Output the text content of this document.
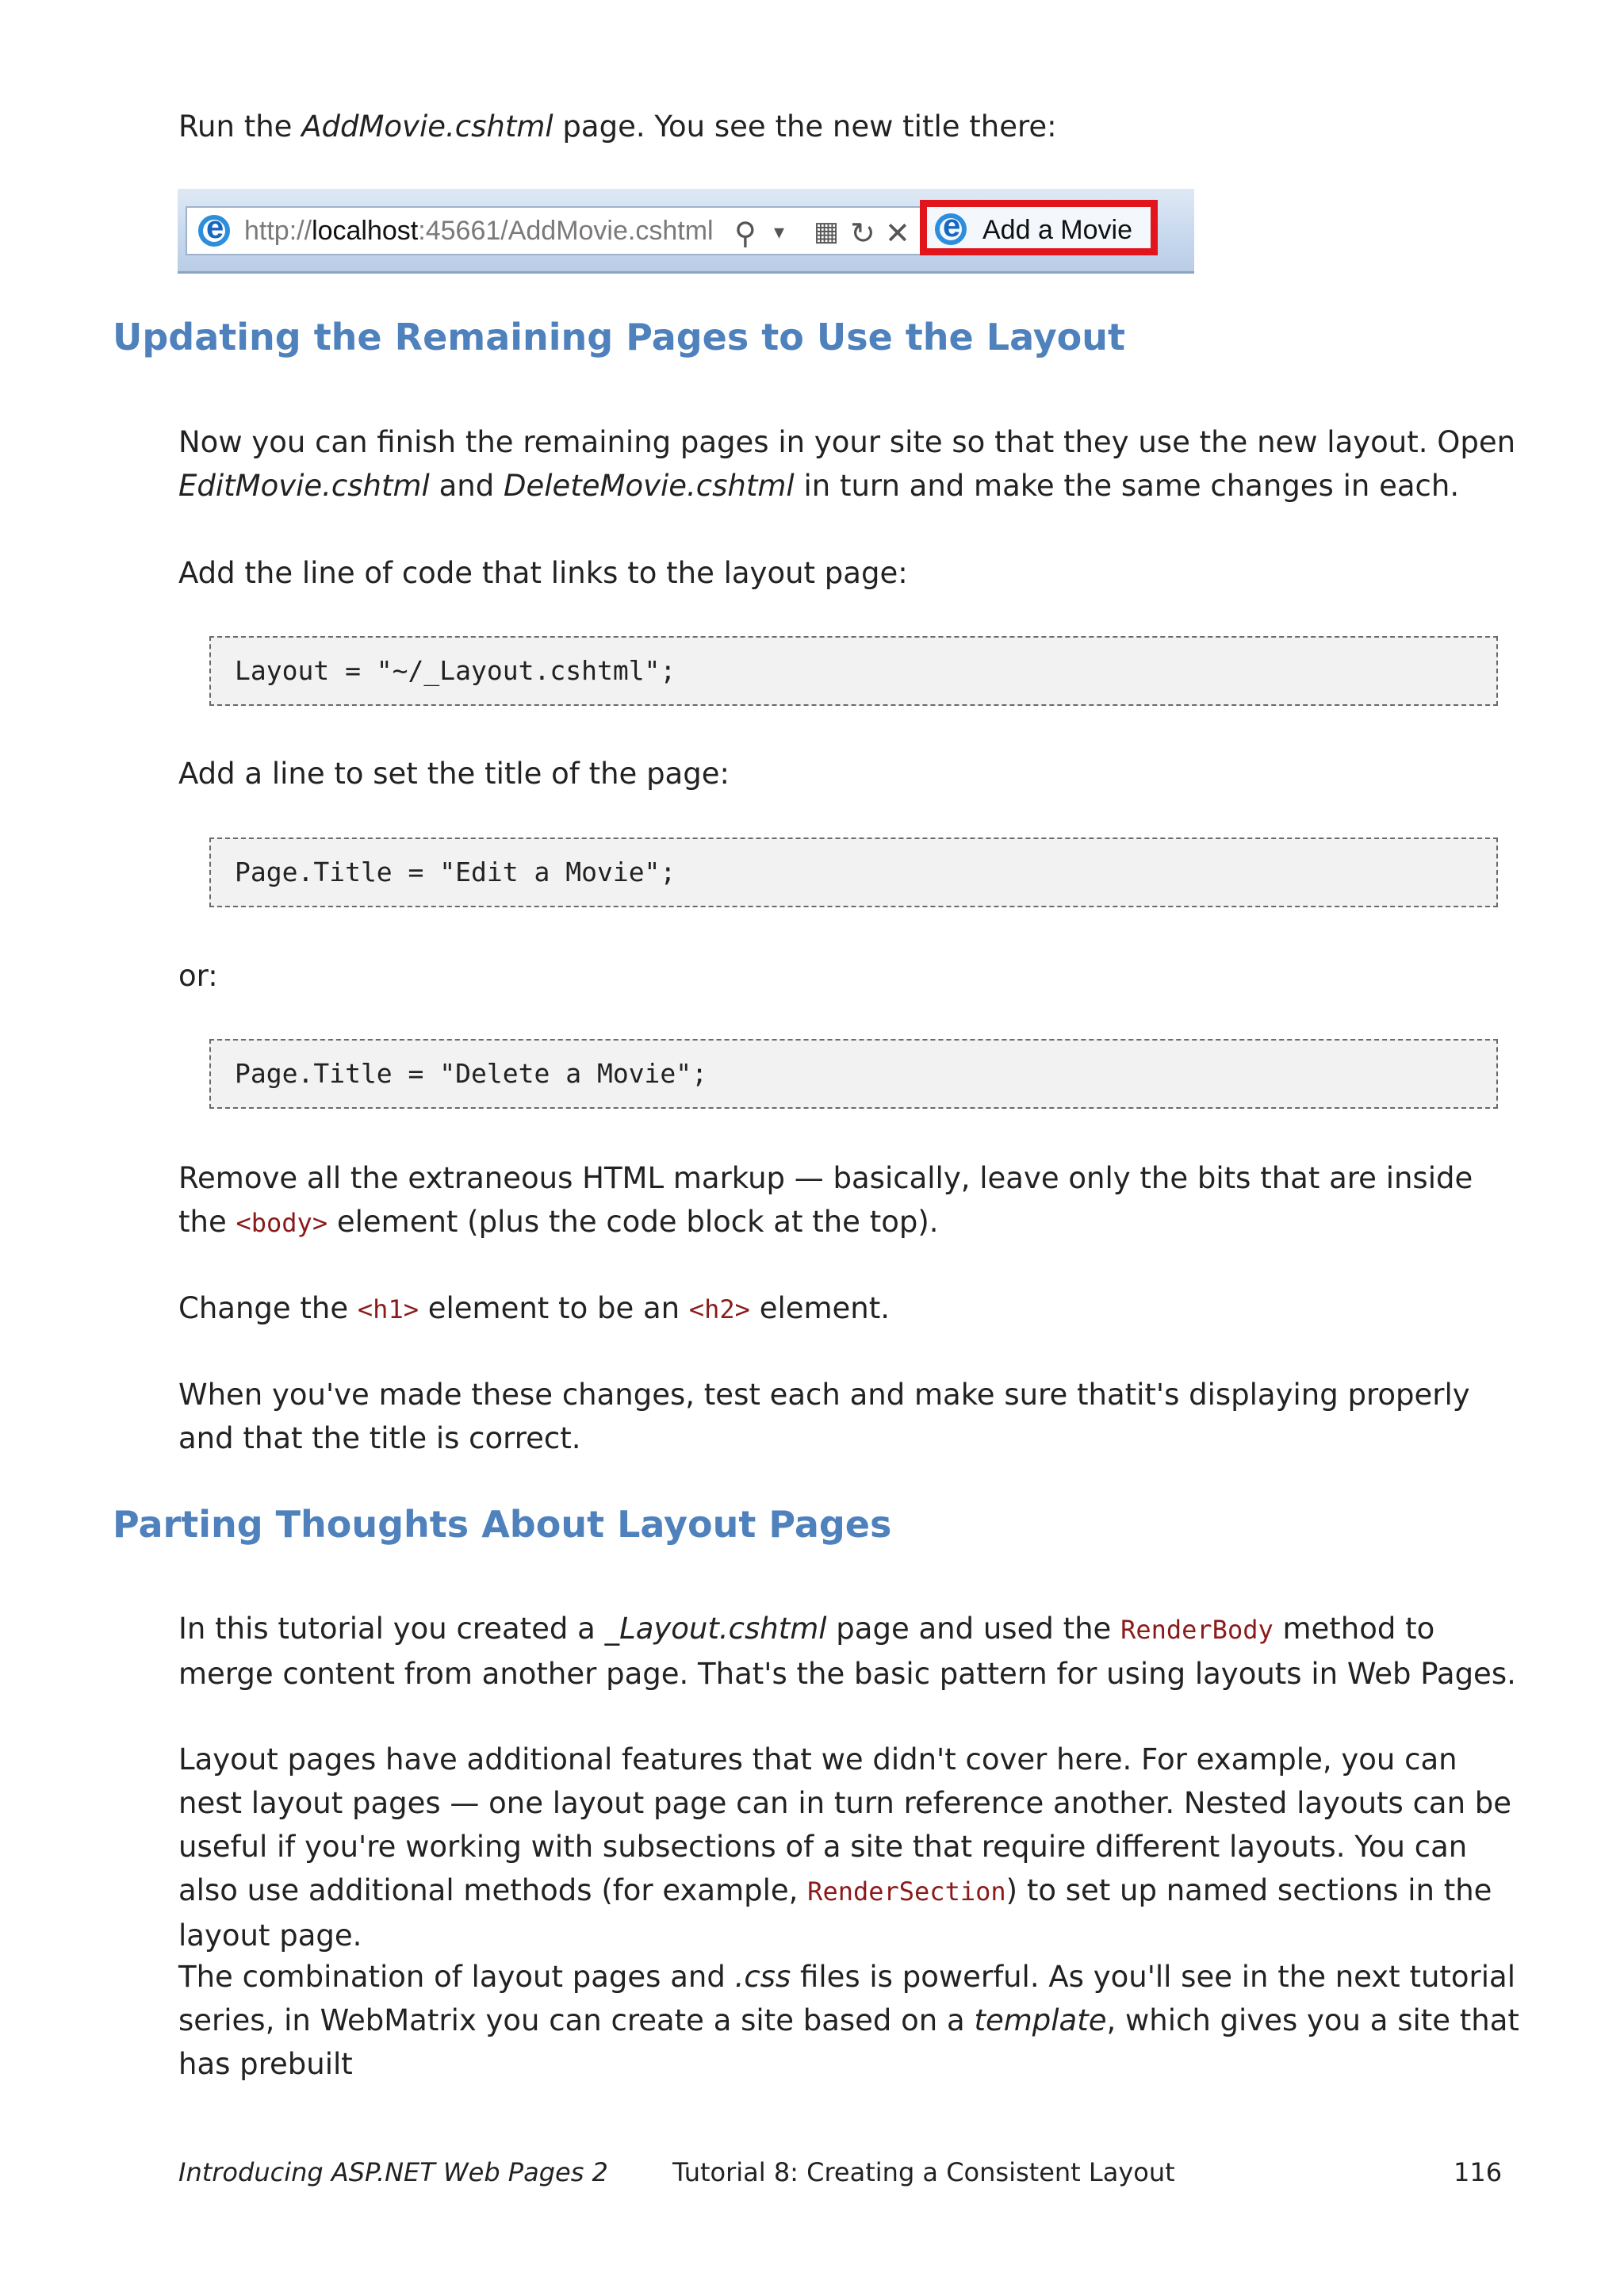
Run the AddMovie.cshtml page. You see the new title there:

e
http://localhost:45661/AddMovie.cshtml ⚲ ▾ ▦ ↻ ✕
e	Add a Movie
Updating the Remaining Pages to Use the Layout

Now you can finish the remaining pages in your site so that they use the new layout. Open EditMovie.cshtml and DeleteMovie.cshtml in turn and make the same changes in each.

Add the line of code that links to the layout page:

Layout = "~/_Layout.cshtml";

Add a line to set the title of the page:

Page.Title = "Edit a Movie";

or:

Page.Title = "Delete a Movie";

Remove all the extraneous HTML markup — basically, leave only the bits that are inside the <body> element (plus the code block at the top).

Change the <h1> element to be an <h2> element.

When you've made these changes, test each and make sure thatit's displaying properly and that the title is correct.

Parting Thoughts About Layout Pages

In this tutorial you created a _Layout.cshtml page and used the RenderBody method to merge content from another page. That's the basic pattern for using layouts in Web Pages.

Layout pages have additional features that we didn't cover here. For example, you can nest layout pages — one layout page can in turn reference another. Nested layouts can be useful if you're working with subsections of a site that require different layouts. You can also use additional methods (for example, RenderSection) to set up named sections in the layout page.

The combination of layout pages and .css files is powerful. As you'll see in the next tutorial series, in WebMatrix you can create a site based on a template, which gives you a site that has prebuilt

Introducing ASP.NET Web Pages 2	Tutorial 8: Creating a Consistent Layout	116
